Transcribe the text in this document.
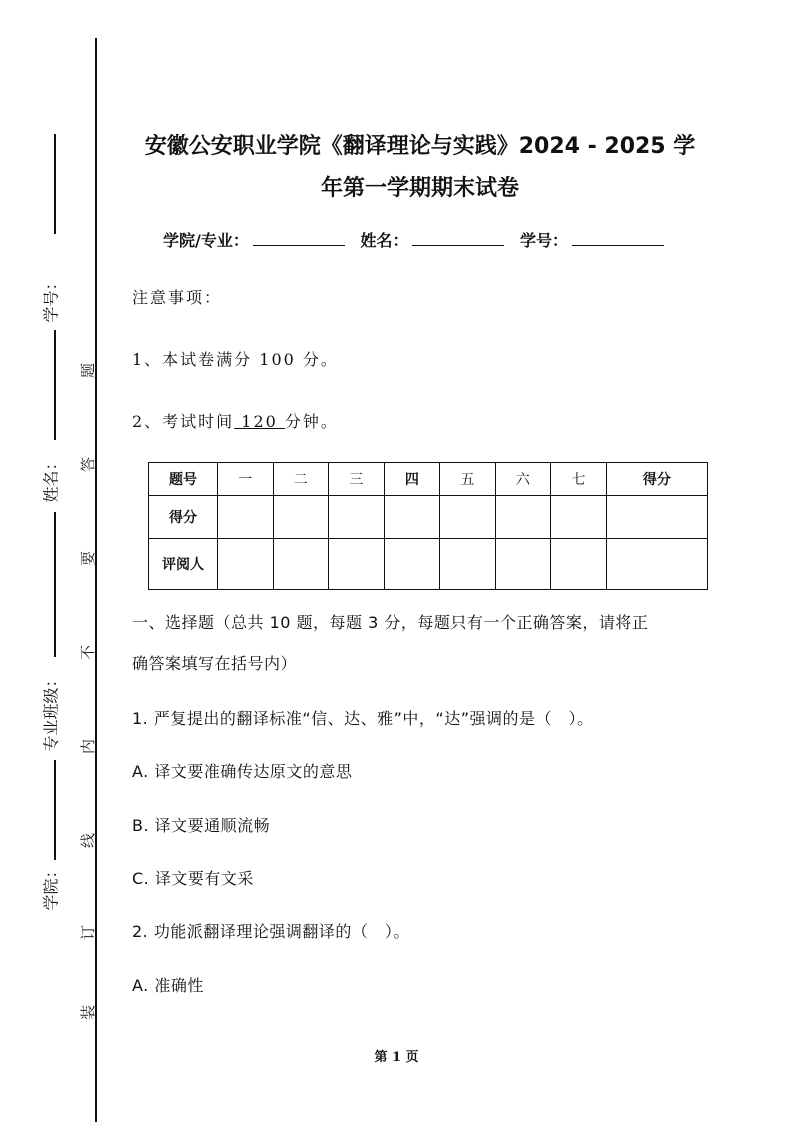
学号：
姓名：
专业班级：
学院：
题
答
要
不
内
线
订
装
安徽公安职业学院《翻译理论与实践》2024 - 2025 学
年第一学期期末试卷
学院/专业：	姓名：	学号：
注意事项：
1、本试卷满分 100 分。
2、考试时间 120 分钟。
题号	一	二	三	四	五	六	七	得分
得分								
评阅人								
一、选择题（总共 10 题，每题 3 分，每题只有一个正确答案，请将正
确答案填写在括号内）
1. 严复提出的翻译标准“信、达、雅”中，“达”强调的是（　）。
A. 译文要准确传达原文的意思
B. 译文要通顺流畅
C. 译文要有文采
2. 功能派翻译理论强调翻译的（　）。
A. 准确性
第 1 页
